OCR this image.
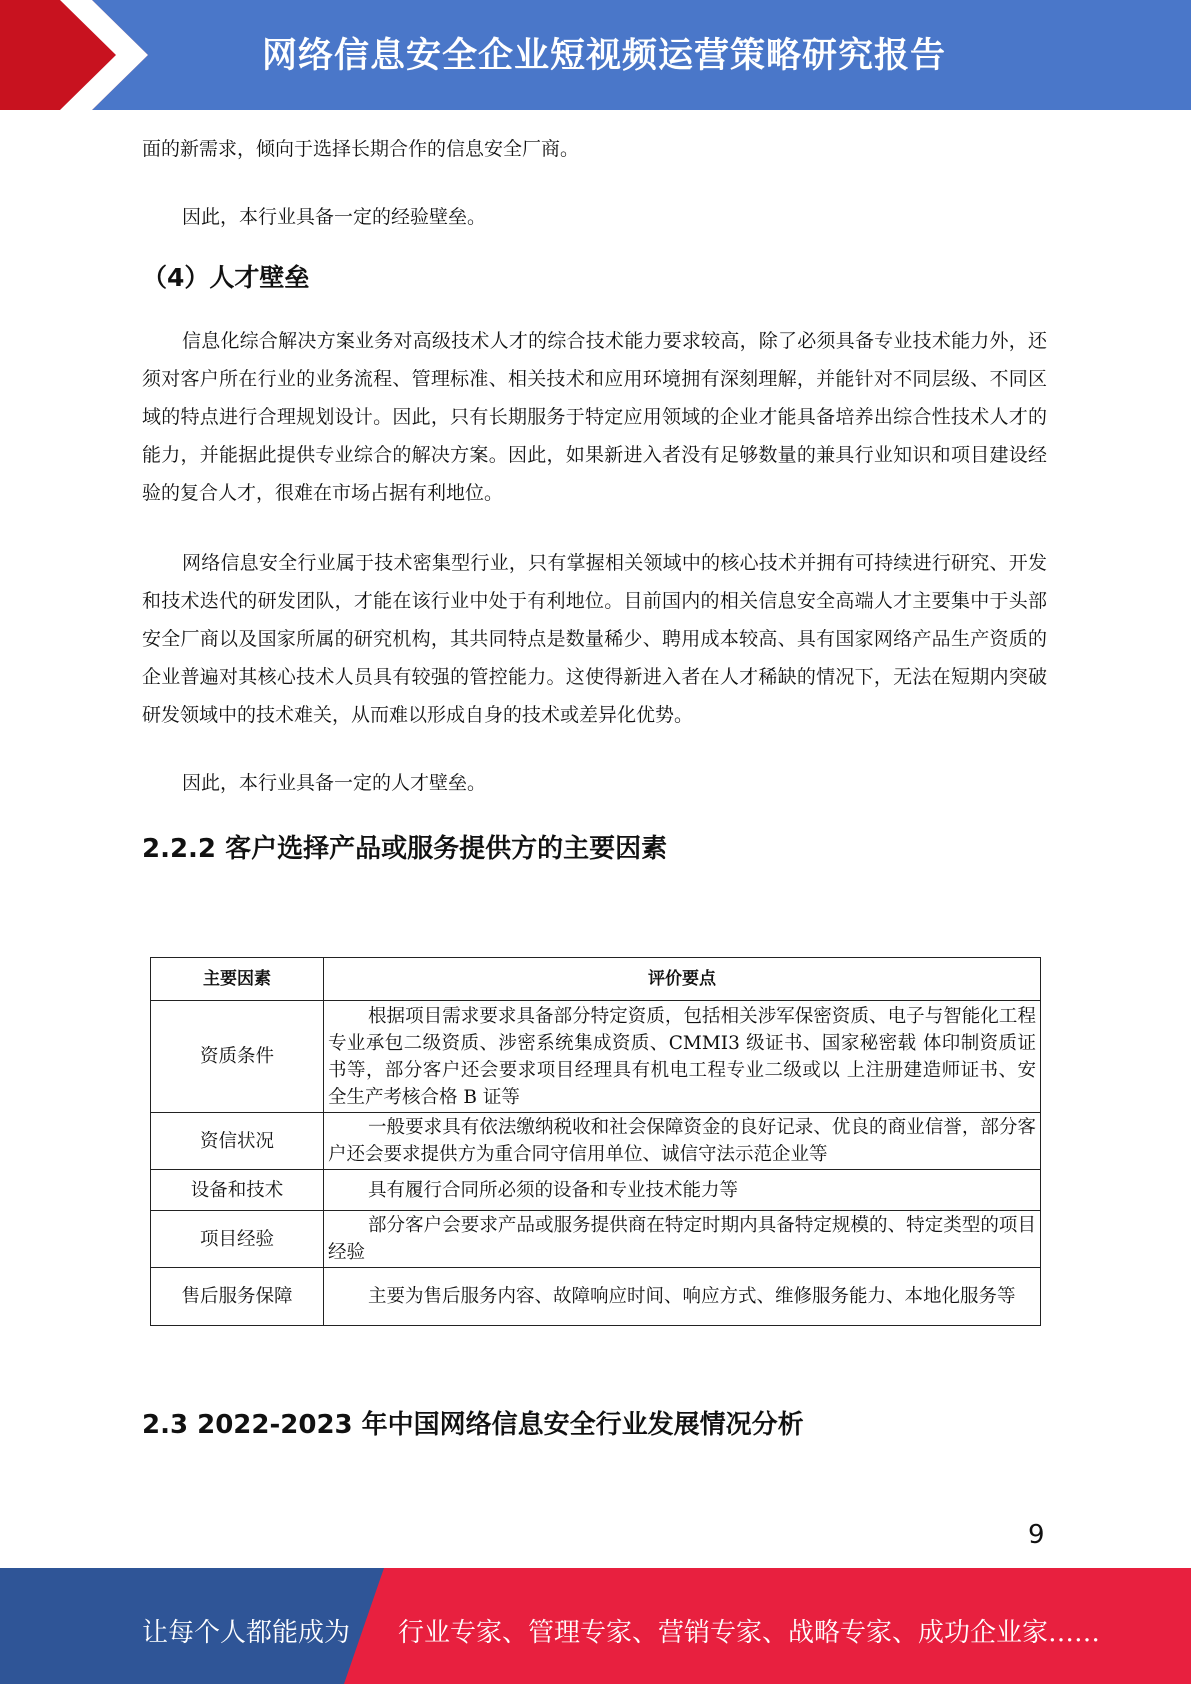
网络信息安全企业短视频运营策略研究报告

面的新需求，倾向于选择长期合作的信息安全厂商。

因此，本行业具备一定的经验壁垒。

（4）人才壁垒

信息化综合解决方案业务对高级技术人才的综合技术能力要求较高，除了必须具备专业技术能力外，还须对客户所在行业的业务流程、管理标准、相关技术和应用环境拥有深刻理解，并能针对不同层级、不同区域的特点进行合理规划设计。因此，只有长期服务于特定应用领域的企业才能具备培养出综合性技术人才的能力，并能据此提供专业综合的解决方案。因此，如果新进入者没有足够数量的兼具行业知识和项目建设经验的复合人才，很难在市场占据有利地位。

网络信息安全行业属于技术密集型行业，只有掌握相关领域中的核心技术并拥有可持续进行研究、开发和技术迭代的研发团队，才能在该行业中处于有利地位。目前国内的相关信息安全高端人才主要集中于头部安全厂商以及国家所属的研究机构，其共同特点是数量稀少、聘用成本较高、具有国家网络产品生产资质的企业普遍对其核心技术人员具有较强的管控能力。这使得新进入者在人才稀缺的情况下，无法在短期内突破研发领域中的技术难关，从而难以形成自身的技术或差异化优势。

因此，本行业具备一定的人才壁垒。

2.2.2 客户选择产品或服务提供方的主要因素
主要因素	评价要点
资质条件	根据项目需求要求具备部分特定资质，包括相关涉军保密资质、电子与智能化工程专业承包二级资质、涉密系统集成资质、CMMI3 级证书、国家秘密载 体印制资质证书等，部分客户还会要求项目经理具有机电工程专业二级或以 上注册建造师证书、安全生产考核合格 B 证等
资信状况	一般要求具有依法缴纳税收和社会保障资金的良好记录、优良的商业信誉，部分客户还会要求提供方为重合同守信用单位、诚信守法示范企业等
设备和技术	具有履行合同所必须的设备和专业技术能力等
项目经验	部分客户会要求产品或服务提供商在特定时期内具备特定规模的、特定类型的项目经验
售后服务保障	主要为售后服务内容、故障响应时间、响应方式、维修服务能力、本地化服务等
2.3 2022-2023 年中国网络信息安全行业发展情况分析
9
让每个人都能成为 行业专家、管理专家、营销专家、战略专家、成功企业家……
